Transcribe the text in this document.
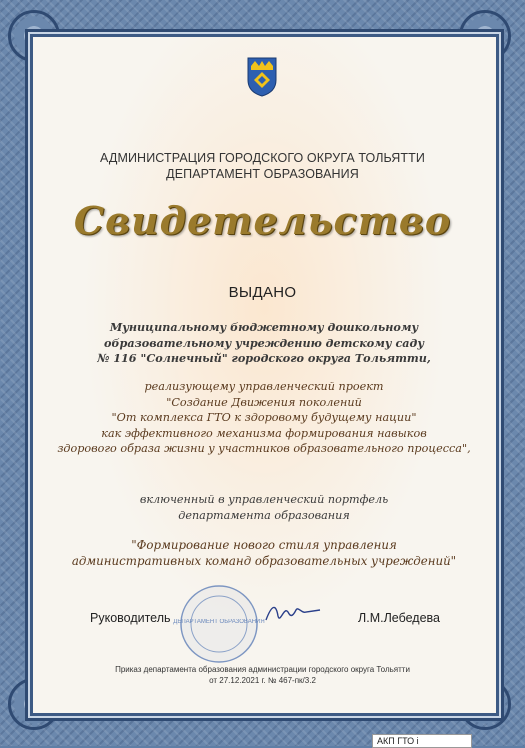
АДМИНИСТРАЦИЯ ГОРОДСКОГО ОКРУГА ТОЛЬЯТТИ
ДЕПАРТАМЕНТ ОБРАЗОВАНИЯ
Свидетельство
ВЫДАНО
Муниципальному бюджетному дошкольному
образовательному учреждению детскому саду
№ 116 "Солнечный" городского округа Тольятти,
реализующему управленческий проект
"Создание Движения поколений
"От комплекса ГТО к здоровому будущему нации"
как эффективного механизма формирования навыков
здорового образа жизни у участников образовательного процесса",
включенный в управленческий портфель
департамента образования
"Формирование нового стиля управления
административных команд образовательных учреждений"
ДЕПАРТАМЕНТ ОБРАЗОВАНИЯ
Руководитель	Л.М.Лебедева
Приказ департамента образования администрации городского округа Тольятти
от 27.12.2021 г. № 467-пк/3.2
АКП ГТО і
